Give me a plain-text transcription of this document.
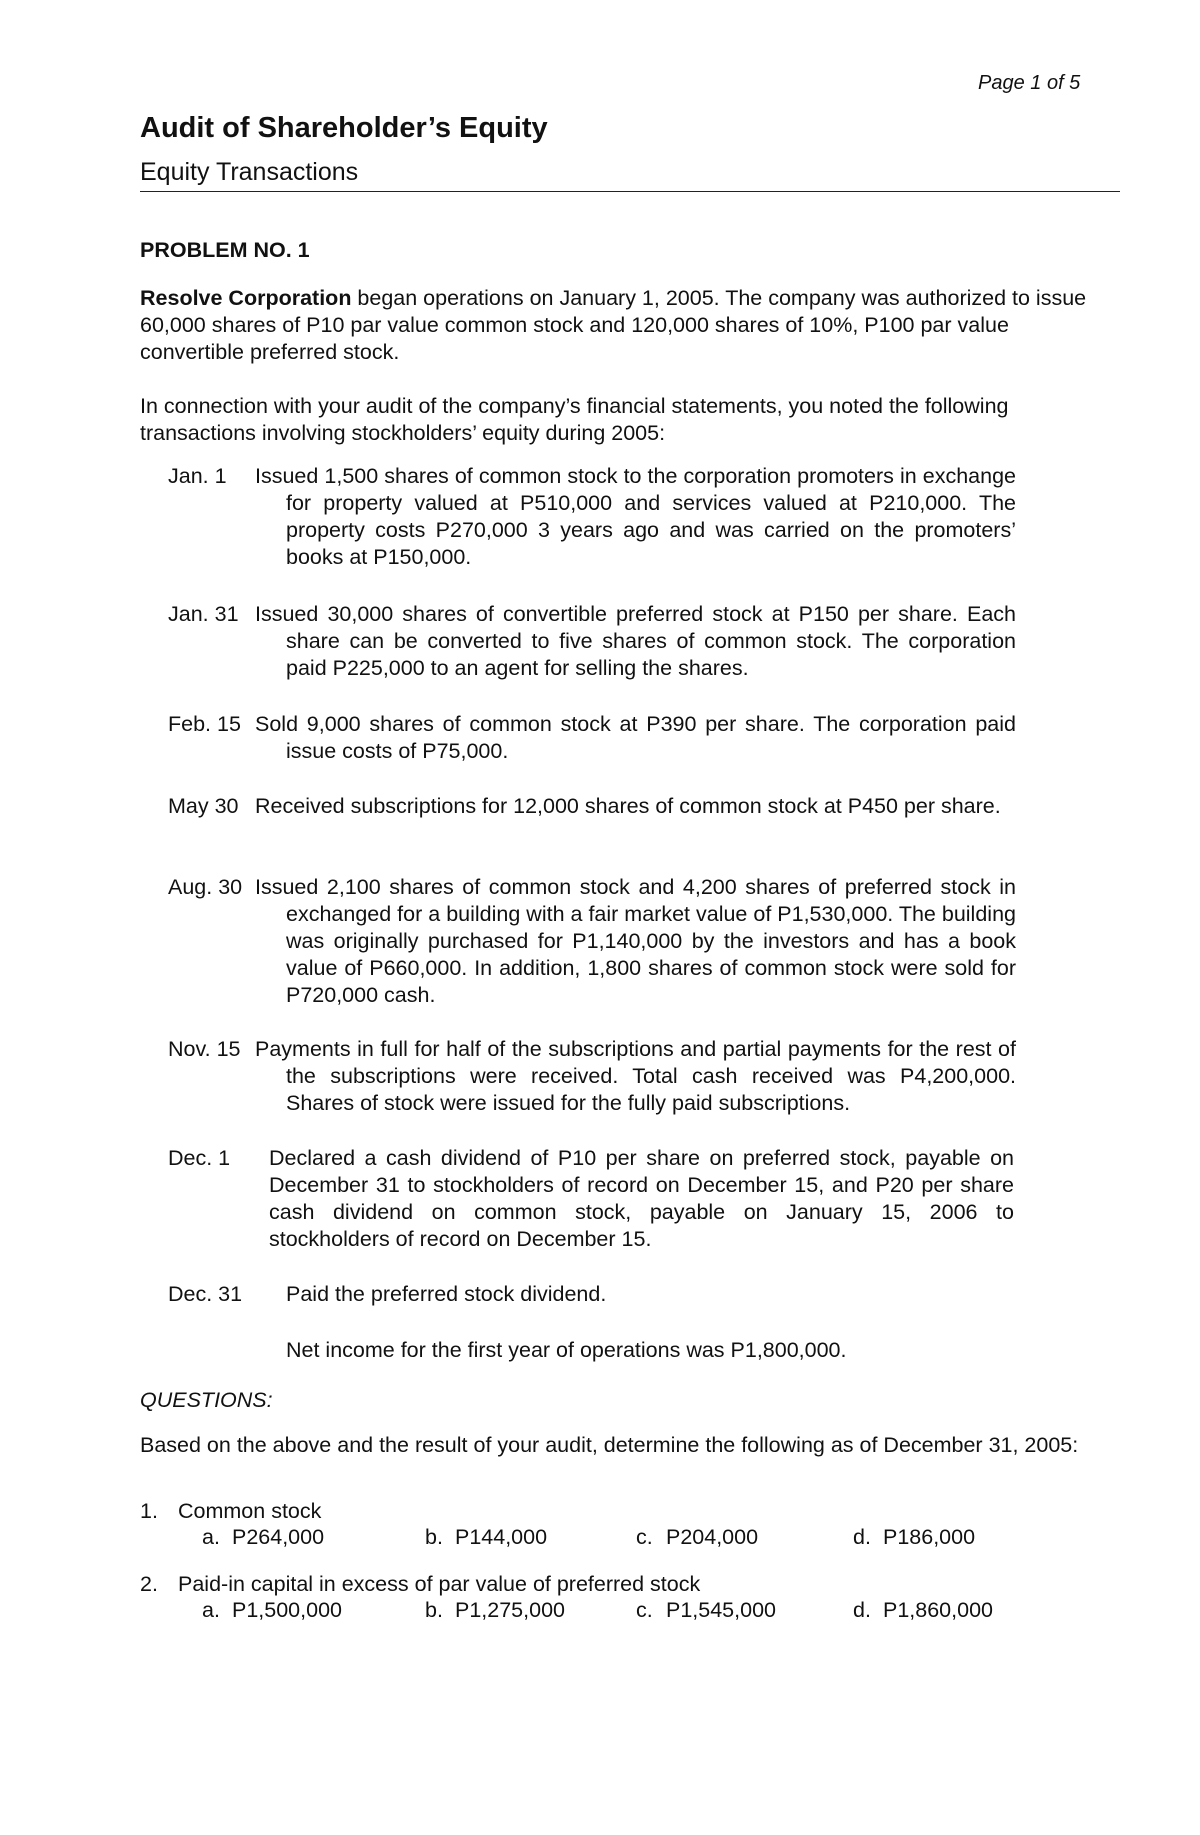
Page 1 of 5
Audit of Shareholder’s Equity
Equity Transactions
PROBLEM NO. 1

Resolve Corporation began operations on January 1, 2005. The company was authorized to issue 60,000 shares of P10 par value common stock and 120,000 shares of 10%, P100 par value convertible preferred stock.

In connection with your audit of the company’s financial statements, you noted the following transactions involving stockholders’ equity during 2005:

Jan. 1 Issued 1,500 shares of common stock to the corporation promoters in exchange for property valued at P510,000 and services valued at P210,000. The property costs P270,000 3 years ago and was carried on the promoters’ books at P150,000.

Jan. 31 Issued 30,000 shares of convertible preferred stock at P150 per share. Each share can be converted to five shares of common stock. The corporation paid P225,000 to an agent for selling the shares.

Feb. 15 Sold 9,000 shares of common stock at P390 per share. The corporation paid issue costs of P75,000.

May 30 Received subscriptions for 12,000 shares of common stock at P450 per share.

Aug. 30 Issued 2,100 shares of common stock and 4,200 shares of preferred stock in exchanged for a building with a fair market value of P1,530,000. The building was originally purchased for P1,140,000 by the investors and has a book value of P660,000. In addition, 1,800 shares of common stock were sold for P720,000 cash.

Nov. 15 Payments in full for half of the subscriptions and partial payments for the rest of the subscriptions were received. Total cash received was P4,200,000. Shares of stock were issued for the fully paid subscriptions.

Dec. 1 Declared a cash dividend of P10 per share on preferred stock, payable on December 31 to stockholders of record on December 15, and P20 per share cash dividend on common stock, payable on January 15, 2006 to stockholders of record on December 15.

Dec. 31 Paid the preferred stock dividend.

Net income for the first year of operations was P1,800,000.
QUESTIONS:

Based on the above and the result of your audit, determine the following as of December 31, 2005:

1. Common stock
a. P264,000	b. P144,000	c. P204,000	d. P186,000
2. Paid-in capital in excess of par value of preferred stock
a. P1,500,000	b. P1,275,000	c. P1,545,000	d. P1,860,000
